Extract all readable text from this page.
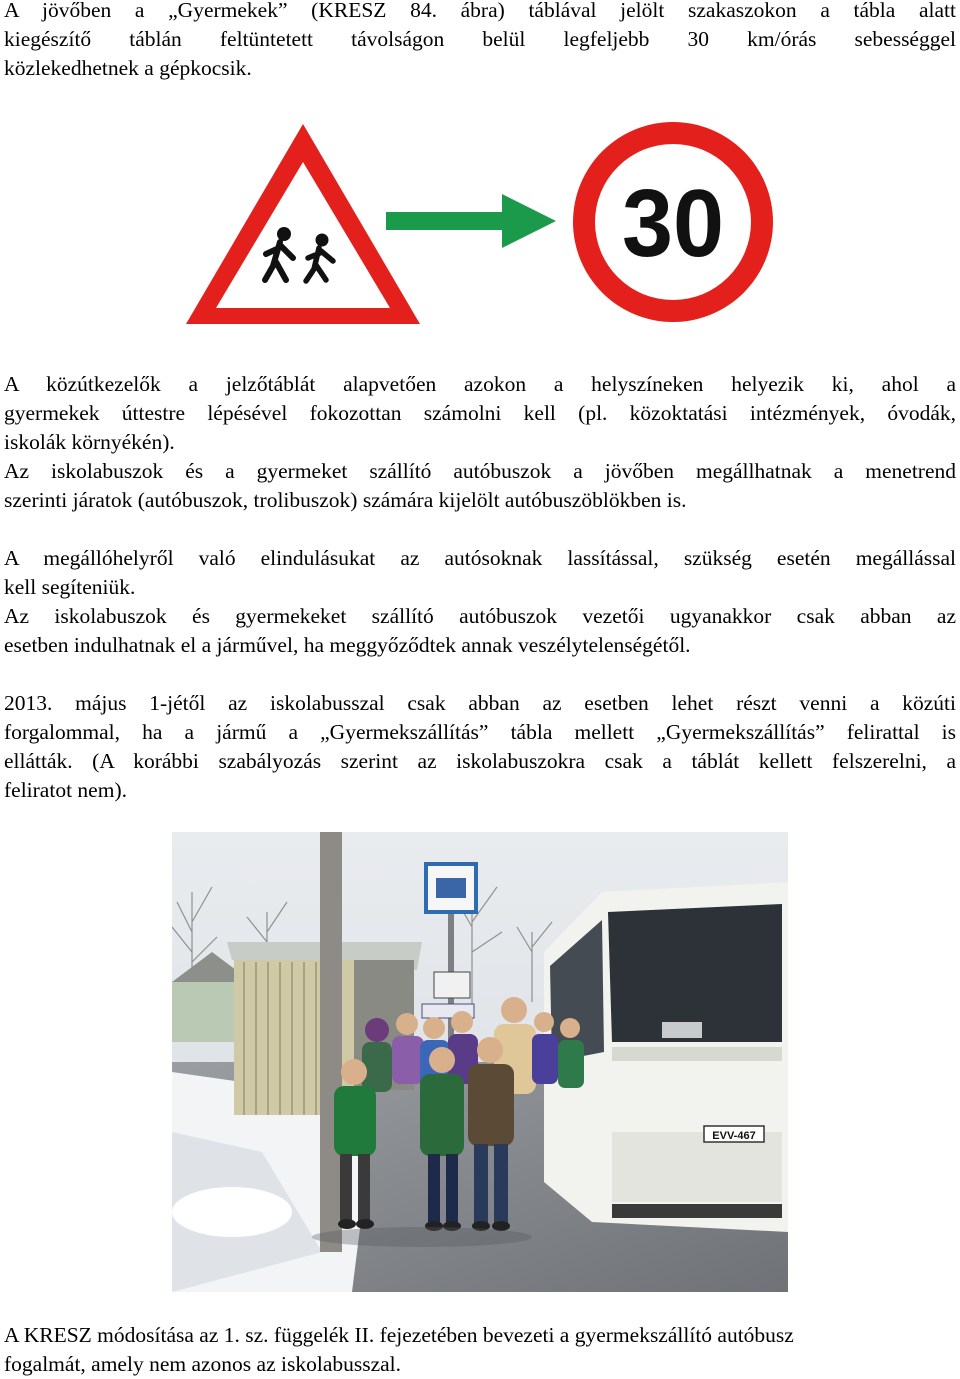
A jövőben a „Gyermekek” (KRESZ 84. ábra) táblával jelölt szakaszokon a tábla alatt
kiegészítő táblán feltüntetett távolságon belül legfeljebb 30 km/órás sebességgel
közlekedhetnek a gépkocsik.
A közútkezelők a jelzőtáblát alapvetően azokon a helyszíneken helyezik ki, ahol a
gyermekek úttestre lépésével fokozottan számolni kell (pl. közoktatási intézmények, óvodák,
iskolák környékén).
Az iskolabuszok és a gyermeket szállító autóbuszok a jövőben megállhatnak a menetrend
szerinti járatok (autóbuszok, trolibuszok) számára kijelölt autóbuszöblökben is.
A megállóhelyről való elindulásukat az autósoknak lassítással, szükség esetén megállással
kell segíteniük.
Az iskolabuszok és gyermekeket szállító autóbuszok vezetői ugyanakkor csak abban az
esetben indulhatnak el a járművel, ha meggyőződtek annak veszélytelenségétől.
2013. május 1-jétől az iskolabusszal csak abban az esetben lehet részt venni a közúti
forgalommal, ha a jármű a „Gyermekszállítás” tábla mellett „Gyermekszállítás” felirattal is
ellátták. (A korábbi szabályozás szerint az iskolabuszokra csak a táblát kellett felszerelni, a
feliratot nem).
A KRESZ módosítása az 1. sz. függelék II. fejezetében bevezeti a gyermekszállító autóbusz
fogalmát, amely nem azonos az iskolabusszal.
30
EVV-467
